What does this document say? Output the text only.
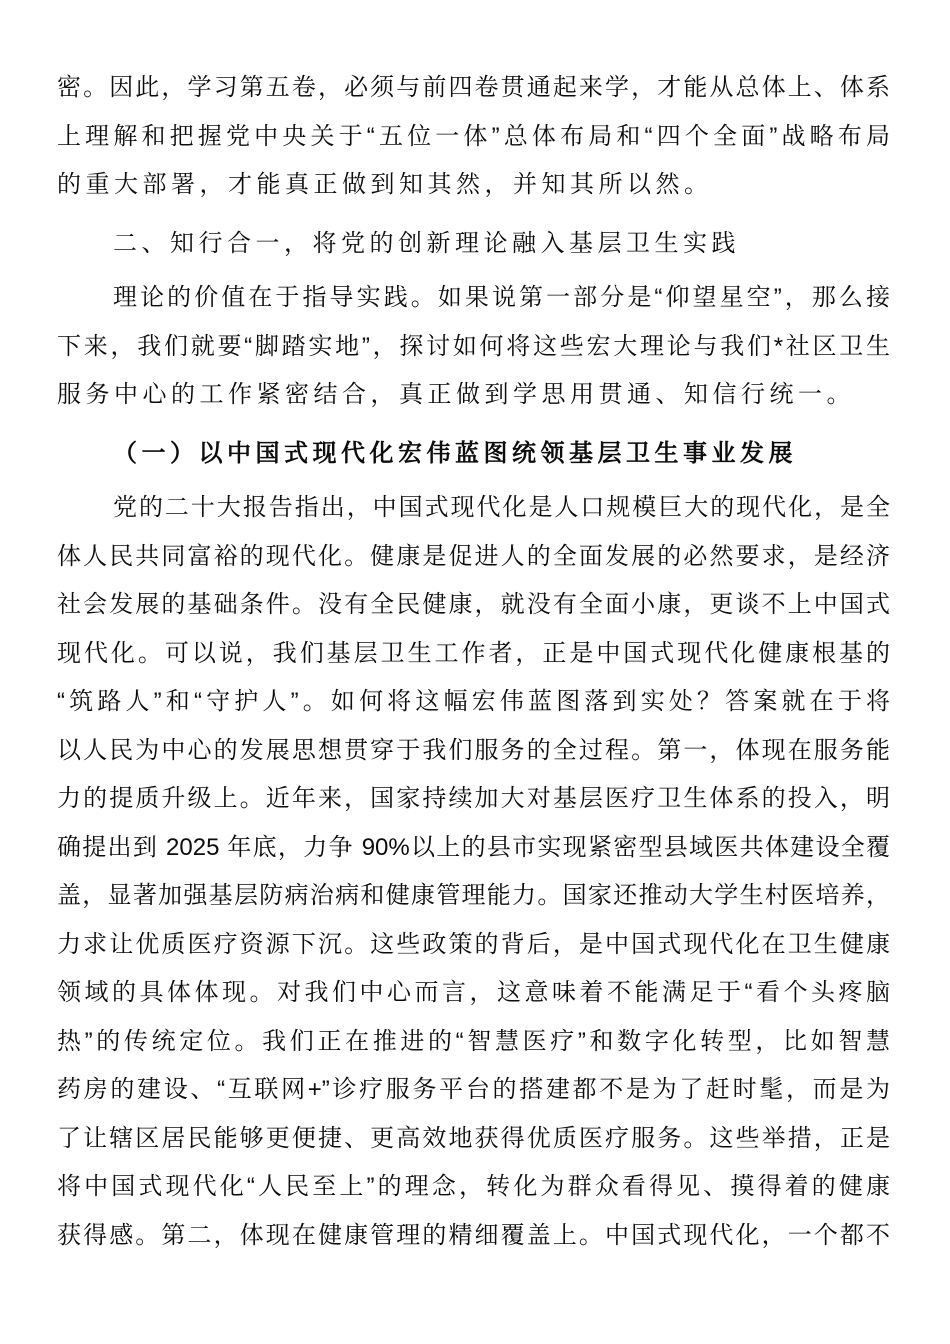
密。因此，学习第五卷，必须与前四卷贯通起来学，才能从总体上、体系
上理解和把握党中央关于“五位一体”总体布局和“四个全面”战略布局
的重大部署，才能真正做到知其然，并知其所以然。
二、知行合一，将党的创新理论融入基层卫生实践
理论的价值在于指导实践。如果说第一部分是“仰望星空”，那么接
下来，我们就要“脚踏实地”，探讨如何将这些宏大理论与我们*社区卫生
服务中心的工作紧密结合，真正做到学思用贯通、知信行统一。
（一）以中国式现代化宏伟蓝图统领基层卫生事业发展
党的二十大报告指出，中国式现代化是人口规模巨大的现代化，是全
体人民共同富裕的现代化。健康是促进人的全面发展的必然要求，是经济
社会发展的基础条件。没有全民健康，就没有全面小康，更谈不上中国式
现代化。可以说，我们基层卫生工作者，正是中国式现代化健康根基的
“筑路人”和“守护人”。如何将这幅宏伟蓝图落到实处？答案就在于将
以人民为中心的发展思想贯穿于我们服务的全过程。第一，体现在服务能
力的提质升级上。近年来，国家持续加大对基层医疗卫生体系的投入，明
确提出到 2025 年底，力争 90%以上的县市实现紧密型县域医共体建设全覆
盖，显著加强基层防病治病和健康管理能力。国家还推动大学生村医培养，
力求让优质医疗资源下沉。这些政策的背后，是中国式现代化在卫生健康
领域的具体体现。对我们中心而言，这意味着不能满足于“看个头疼脑
热”的传统定位。我们正在推进的“智慧医疗”和数字化转型，比如智慧
药房的建设、“互联网+”诊疗服务平台的搭建都不是为了赶时髦，而是为
了让辖区居民能够更便捷、更高效地获得优质医疗服务。这些举措，正是
将中国式现代化“人民至上”的理念，转化为群众看得见、摸得着的健康
获得感。第二，体现在健康管理的精细覆盖上。中国式现代化，一个都不
